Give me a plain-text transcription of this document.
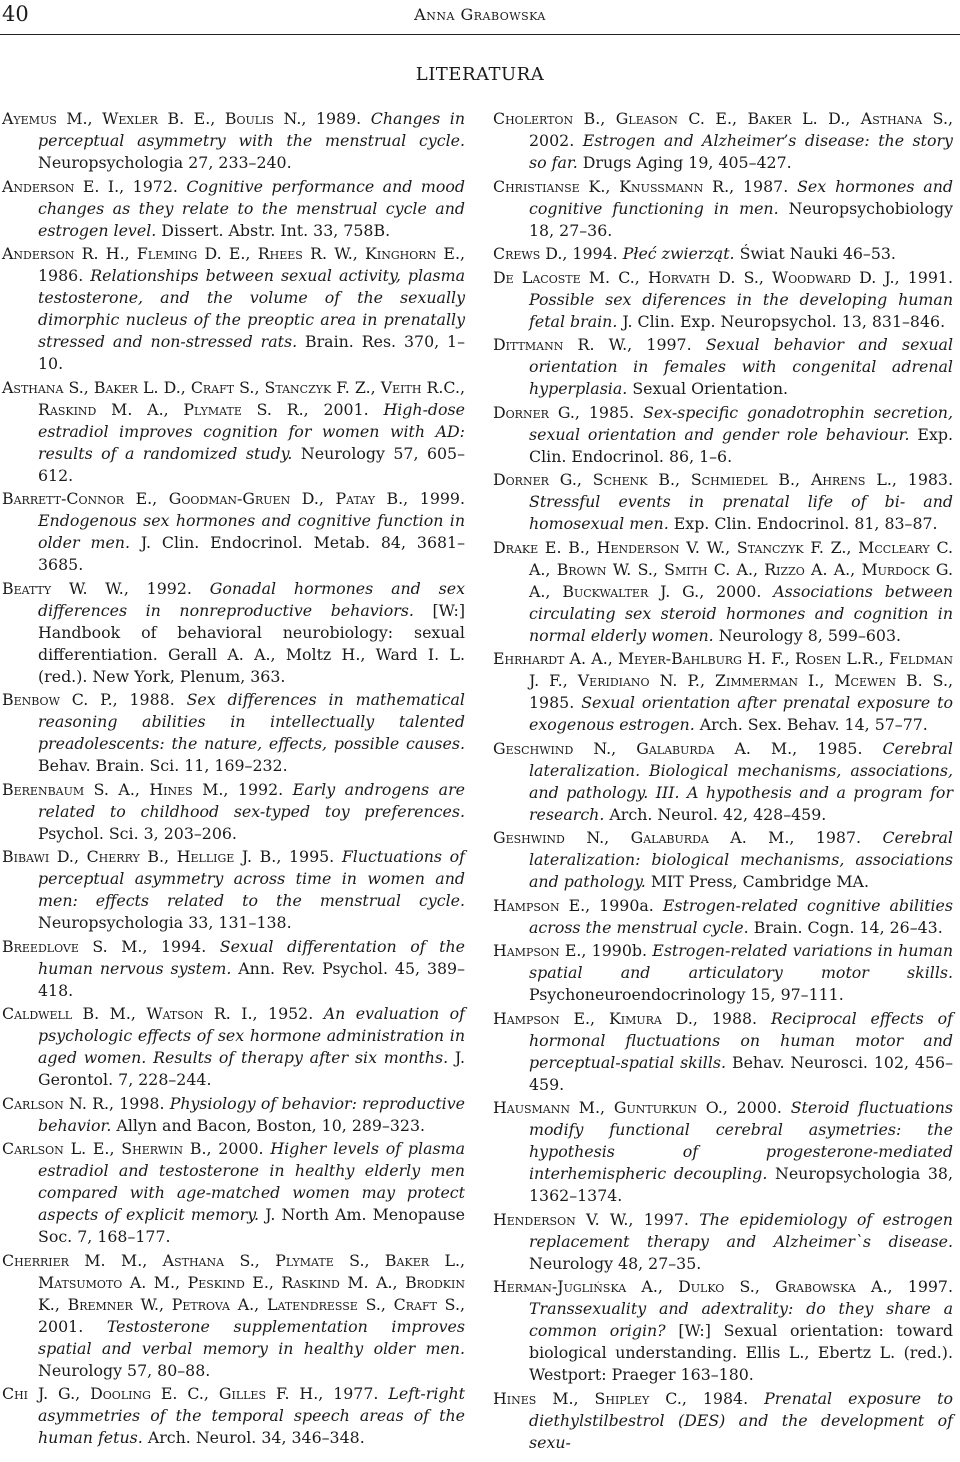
40	Anna Grabowska
LITERATURA

Ayemus M., Wexler B. E., Boulis N., 1989. Changes in perceptual asymmetry with the menstrual cycle. Neuropsychologia 27, 233–240.

Anderson E. I., 1972. Cognitive performance and mood changes as they relate to the menstrual cycle and estrogen level. Dissert. Abstr. Int. 33, 758B.

Anderson R. H., Fleming D. E., Rhees R. W., Kinghorn E., 1986. Relationships between sexual activity, plasma testosterone, and the volume of the sexually dimorphic nucleus of the preoptic area in prenatally stressed and non-stressed rats. Brain. Res. 370, 1–10.

Asthana S., Baker L. D., Craft S., Stanczyk F. Z., Veith R.C., Raskind M. A., Plymate S. R., 2001. High-dose estradiol improves cognition for women with AD: results of a randomized study. Neurology 57, 605–612.

Barrett-Connor E., Goodman-Gruen D., Patay B., 1999. Endogenous sex hormones and cognitive function in older men. J. Clin. Endocrinol. Metab. 84, 3681–3685.

Beatty W. W., 1992. Gonadal hormones and sex differences in nonreproductive behaviors. [W:] Handbook of behavioral neurobiology: sexual differentiation. Gerall A. A., Moltz H., Ward I. L. (red.). New York, Plenum, 363.

Benbow C. P., 1988. Sex differences in mathematical reasoning abilities in intellectually talented preadolescents: the nature, effects, possible causes. Behav. Brain. Sci. 11, 169–232.

Berenbaum S. A., Hines M., 1992. Early androgens are related to childhood sex-typed toy preferences. Psychol. Sci. 3, 203–206.

Bibawi D., Cherry B., Hellige J. B., 1995. Fluctuations of perceptual asymmetry across time in women and men: effects related to the menstrual cycle. Neuropsychologia 33, 131–138.

Breedlove S. M., 1994. Sexual differentation of the human nervous system. Ann. Rev. Psychol. 45, 389–418.

Caldwell B. M., Watson R. I., 1952. An evaluation of psychologic effects of sex hormone administration in aged women. Results of therapy after six months. J. Gerontol. 7, 228–244.

Carlson N. R., 1998. Physiology of behavior: reproductive behavior. Allyn and Bacon, Boston, 10, 289–323.

Carlson L. E., Sherwin B., 2000. Higher levels of plasma estradiol and testosterone in healthy elderly men compared with age-matched women may protect aspects of explicit memory. J. North Am. Menopause Soc. 7, 168–177.

Cherrier M. M., Asthana S., Plymate S., Baker L., Matsumoto A. M., Peskind E., Raskind M. A., Brodkin K., Bremner W., Petrova A., Latendresse S., Craft S., 2001. Testosterone supplementation improves spatial and verbal memory in healthy older men. Neurology 57, 80–88.

Chi J. G., Dooling E. C., Gilles F. H., 1977. Left-right asymmetries of the temporal speech areas of the human fetus. Arch. Neurol. 34, 346–348.

Cholerton B., Gleason C. E., Baker L. D., Asthana S., 2002. Estrogen and Alzheimer’s disease: the story so far. Drugs Aging 19, 405–427.

Christianse K., Knussmann R., 1987. Sex hormones and cognitive functioning in men. Neuropsychobiology 18, 27–36.

Crews D., 1994. Płeć zwierząt. Świat Nauki 46–53.

De Lacoste M. C., Horvath D. S., Woodward D. J., 1991. Possible sex diferences in the developing human fetal brain. J. Clin. Exp. Neuropsychol. 13, 831–846.

Dittmann R. W., 1997. Sexual behavior and sexual orientation in females with congenital adrenal hyperplasia. Sexual Orientation.

Dorner G., 1985. Sex-specific gonadotrophin secretion, sexual orientation and gender role behaviour. Exp. Clin. Endocrinol. 86, 1–6.

Dorner G., Schenk B., Schmiedel B., Ahrens L., 1983. Stressful events in prenatal life of bi- and homosexual men. Exp. Clin. Endocrinol. 81, 83–87.

Drake E. B., Henderson V. W., Stanczyk F. Z., Mccleary C. A., Brown W. S., Smith C. A., Rizzo A. A., Murdock G. A., Buckwalter J. G., 2000. Associations between circulating sex steroid hormones and cognition in normal elderly women. Neurology 8, 599–603.

Ehrhardt A. A., Meyer-Bahlburg H. F., Rosen L.R., Feldman J. F., Veridiano N. P., Zimmerman I., Mcewen B. S., 1985. Sexual orientation after prenatal exposure to exogenous estrogen. Arch. Sex. Behav. 14, 57–77.

Geschwind N., Galaburda A. M., 1985. Cerebral lateralization. Biological mechanisms, associations, and pathology. III. A hypothesis and a program for research. Arch. Neurol. 42, 428–459.

Geshwind N., Galaburda A. M., 1987. Cerebral lateralization: biological mechanisms, associations and pathology. MIT Press, Cambridge MA.

Hampson E., 1990a. Estrogen-related cognitive abilities across the menstrual cycle. Brain. Cogn. 14, 26–43.

Hampson E., 1990b. Estrogen-related variations in human spatial and articulatory motor skills. Psychoneuroendocrinology 15, 97–111.

Hampson E., Kimura D., 1988. Reciprocal effects of hormonal fluctuations on human motor and perceptual-spatial skills. Behav. Neurosci. 102, 456–459.

Hausmann M., Gunturkun O., 2000. Steroid fluctuations modify functional cerebral asymetries: the hypothesis of progesterone-mediated interhemispheric decoupling. Neuropsychologia 38, 1362–1374.

Henderson V. W., 1997. The epidemiology of estrogen replacement therapy and Alzheimer`s disease. Neurology 48, 27–35.

Herman-Juglińska A., Dulko S., Grabowska A., 1997. Transsexuality and adextrality: do they share a common origin? [W:] Sexual orientation: toward biological understanding. Ellis L., Ebertz L. (red.). Westport: Praeger 163–180.

Hines M., Shipley C., 1984. Prenatal exposure to diethylstilbestrol (DES) and the development of sexu-
